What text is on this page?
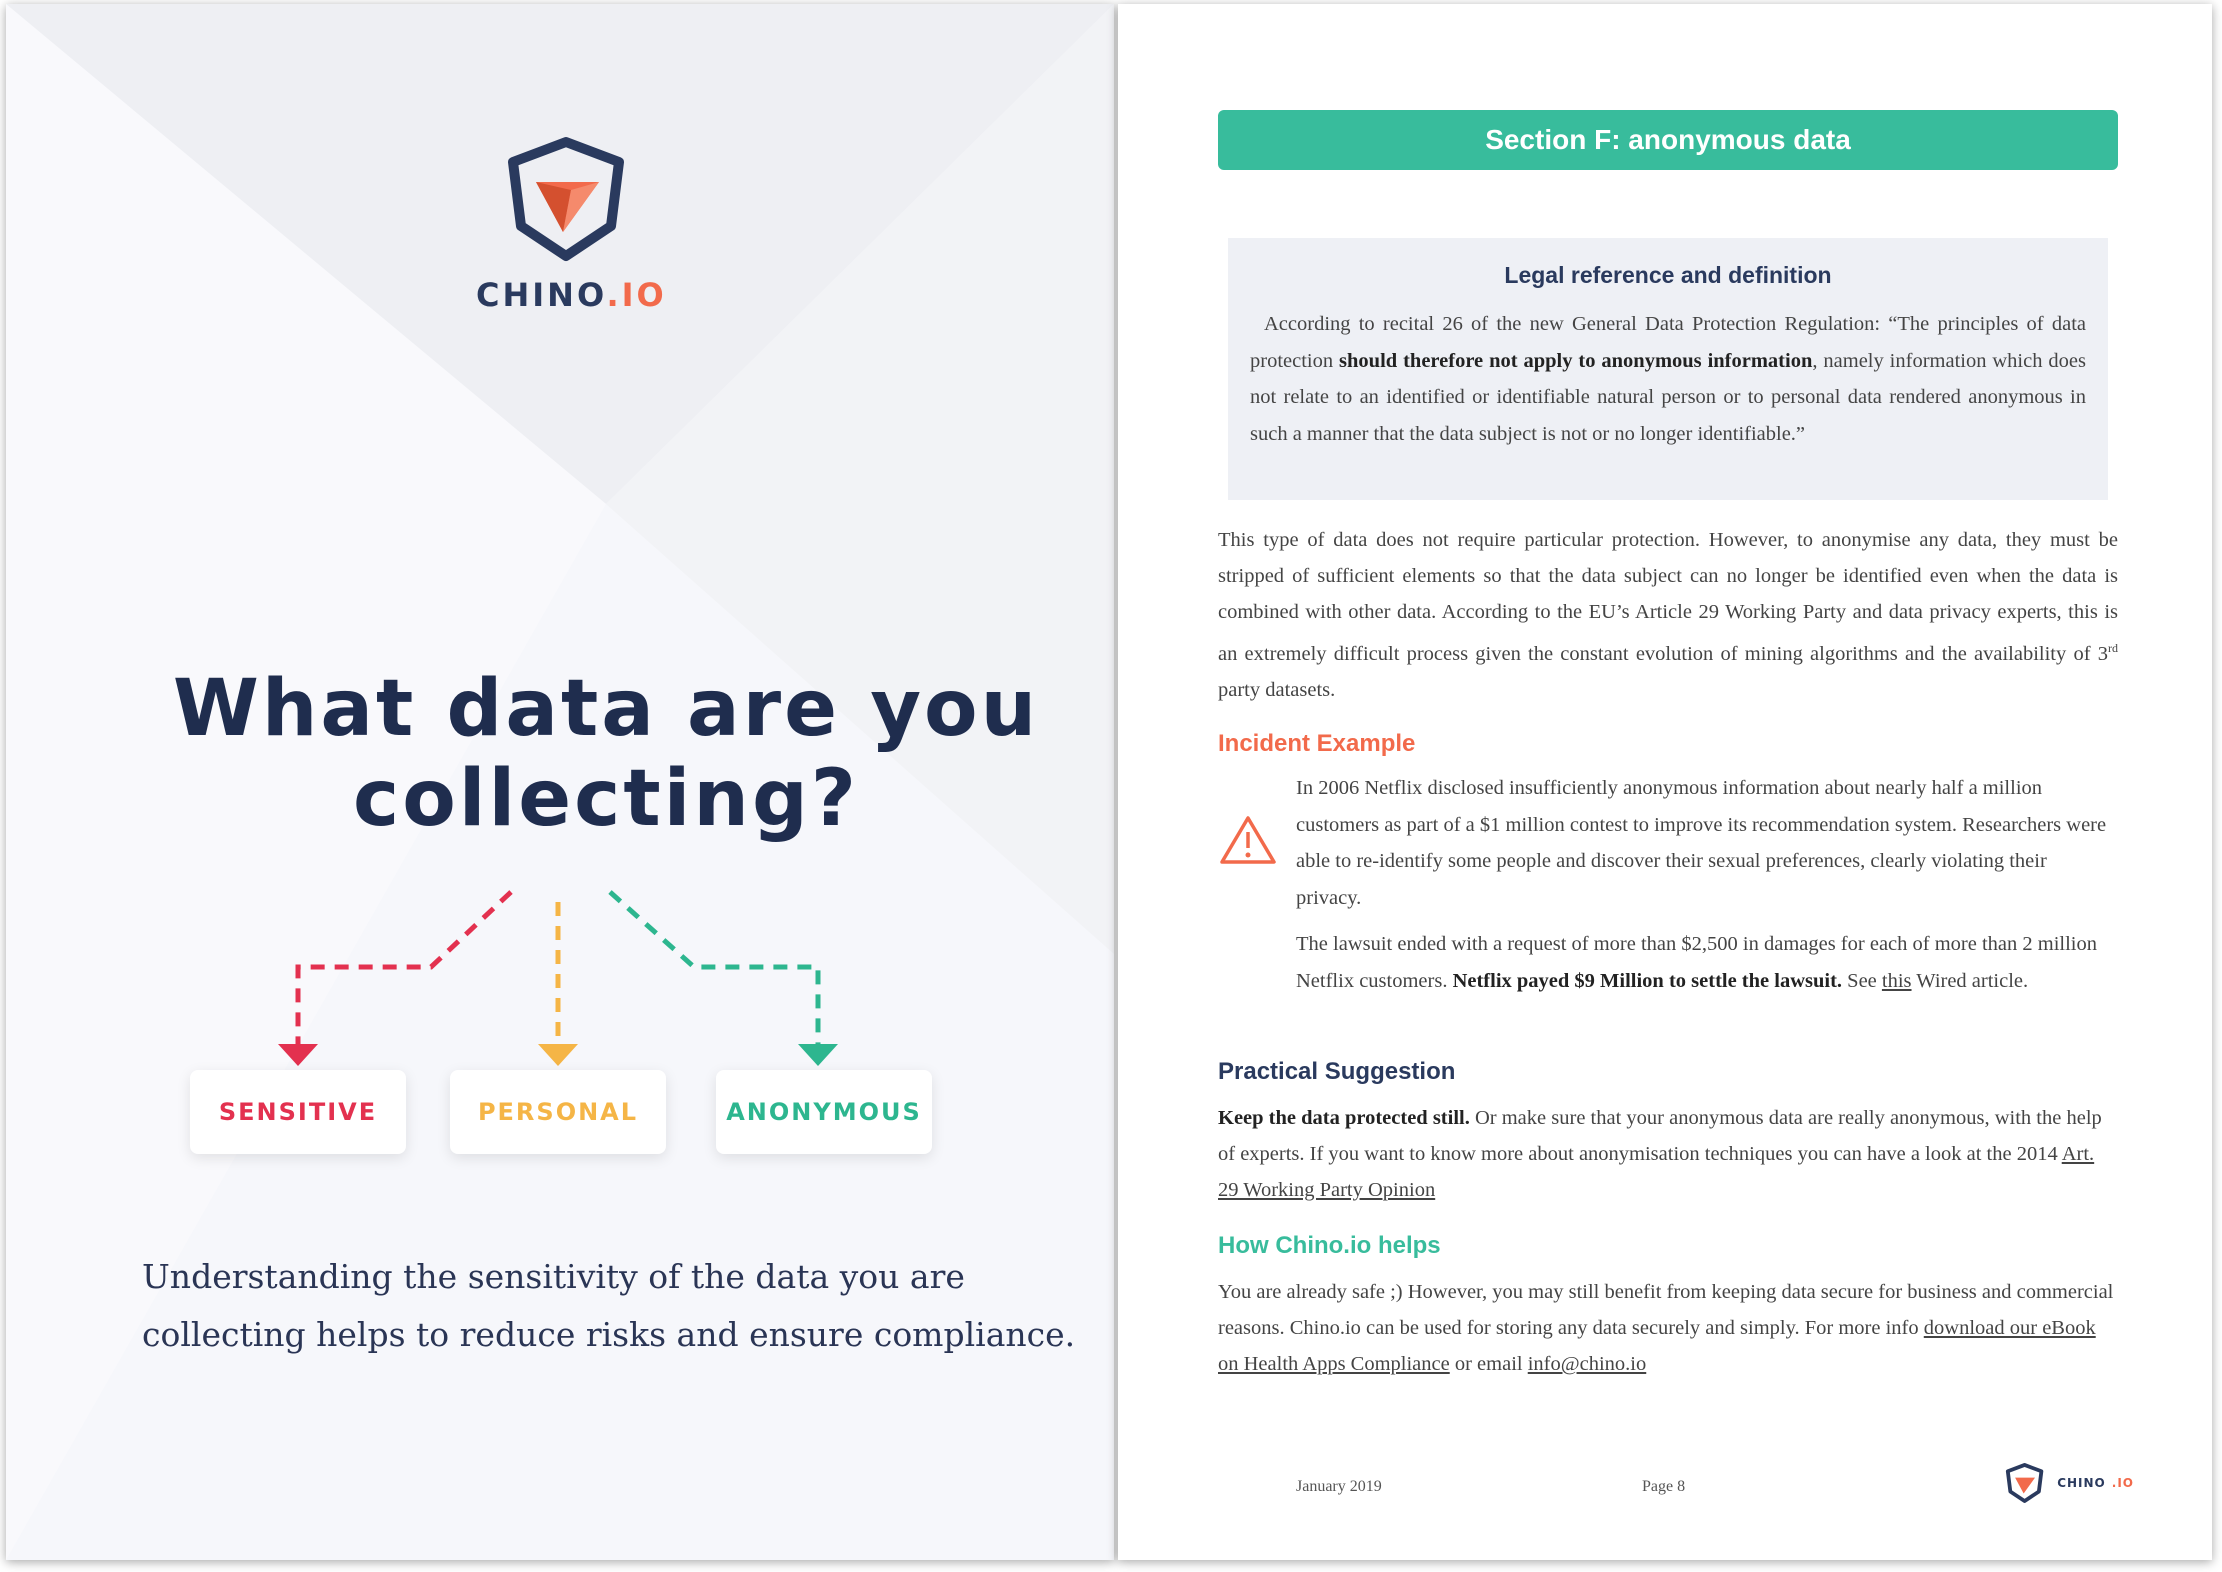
CHINO.IO
What data are you
collecting?
SENSITIVE	PERSONAL	ANONYMOUS
Understanding the sensitivity of the data you are
collecting helps to reduce risks and ensure compliance.
Section F: anonymous data
Legal reference and definition
According to recital 26 of the new General Data Protection Regulation: “The principles of data protection should therefore not apply to anonymous information, namely information which does not relate to an identified or identifiable natural person or to personal data rendered anonymous in such a manner that the data subject is not or no longer identifiable.”
This type of data does not require particular protection. However, to anonymise any data, they must be stripped of sufficient elements so that the data subject can no longer be identified even when the data is combined with other data. According to the EU’s Article 29 Working Party and data privacy experts, this is an extremely difficult process given the constant evolution of mining algorithms and the availability of 3rd party datasets.
Incident Example
In 2006 Netflix disclosed insufficiently anonymous information about nearly half a million customers as part of a $1 million contest to improve its recommendation system. Researchers were able to re-identify some people and discover their sexual preferences, clearly violating their privacy.
The lawsuit ended with a request of more than $2,500 in damages for each of more than 2 million Netflix customers. Netflix payed $9 Million to settle the lawsuit. See this Wired article.
Practical Suggestion
Keep the data protected still. Or make sure that your anonymous data are really anonymous, with the help of experts. If you want to know more about anonymisation techniques you can have a look at the 2014 Art. 29 Working Party Opinion
How Chino.io helps
You are already safe ;) However, you may still benefit from keeping data secure for business and commercial reasons. Chino.io can be used for storing any data securely and simply. For more info download our eBook on Health Apps Compliance or email info@chino.io
January 2019	Page 8	CHINO .IO
